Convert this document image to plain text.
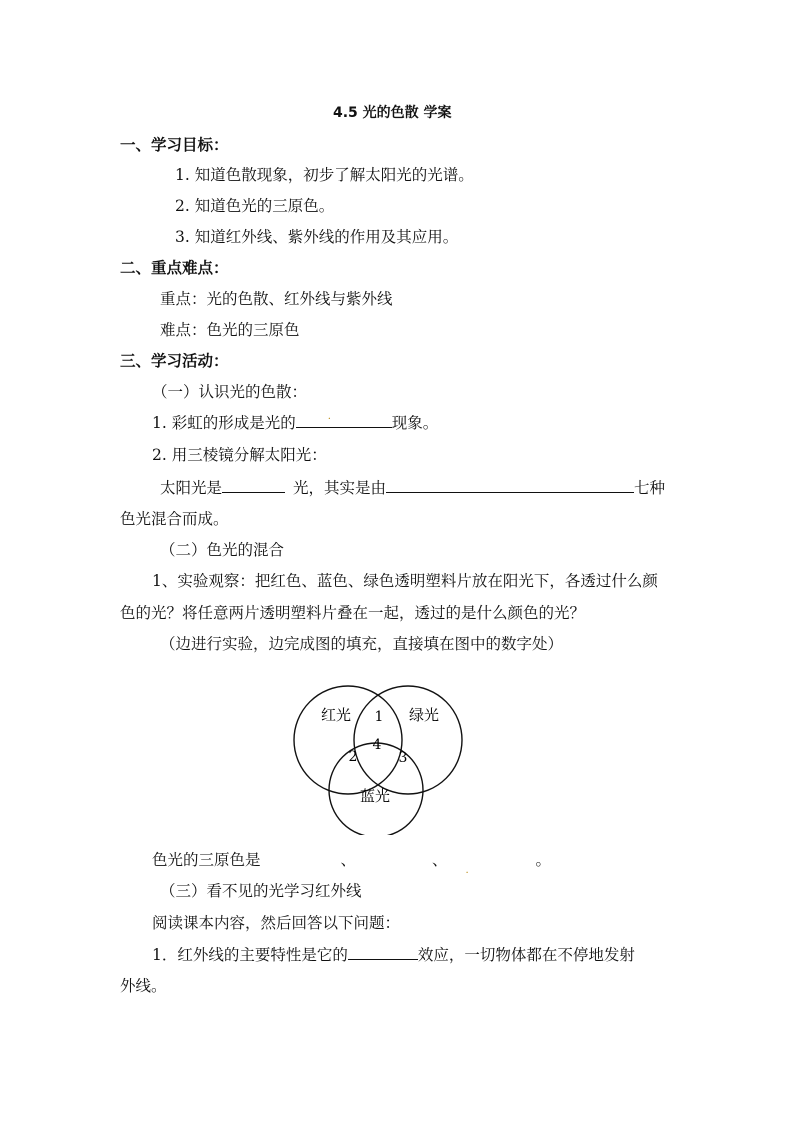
4.5 光的色散 学案
一、学习目标：
1. 知道色散现象，初步了解太阳光的光谱。
2. 知道色光的三原色。
3. 知道红外线、紫外线的作用及其应用。
二、重点难点：
重点：光的色散、红外线与紫外线
难点：色光的三原色
三、学习活动：
（一）认识光的色散：
1. 彩虹的形成是光的	.	现象。
2. 用三棱镜分解太阳光：
太阳光是	光，其实是由	七种
色光混合而成。
（二）色光的混合
1、实验观察：把红色、蓝色、绿色透明塑料片放在阳光下，各透过什么颜
色的光？将任意两片透明塑料片叠在一起，透过的是什么颜色的光？
（边进行实验，边完成图的填充，直接填在图中的数字处）
红光	绿光
蓝光
1
2	3
4
色光的三原色是	、	、
.
。
（三）看不见的光学习红外线
阅读课本内容，然后回答以下问题：
1．红外线的主要特性是它的	效应，一切物体都在不停地发射
外线。
